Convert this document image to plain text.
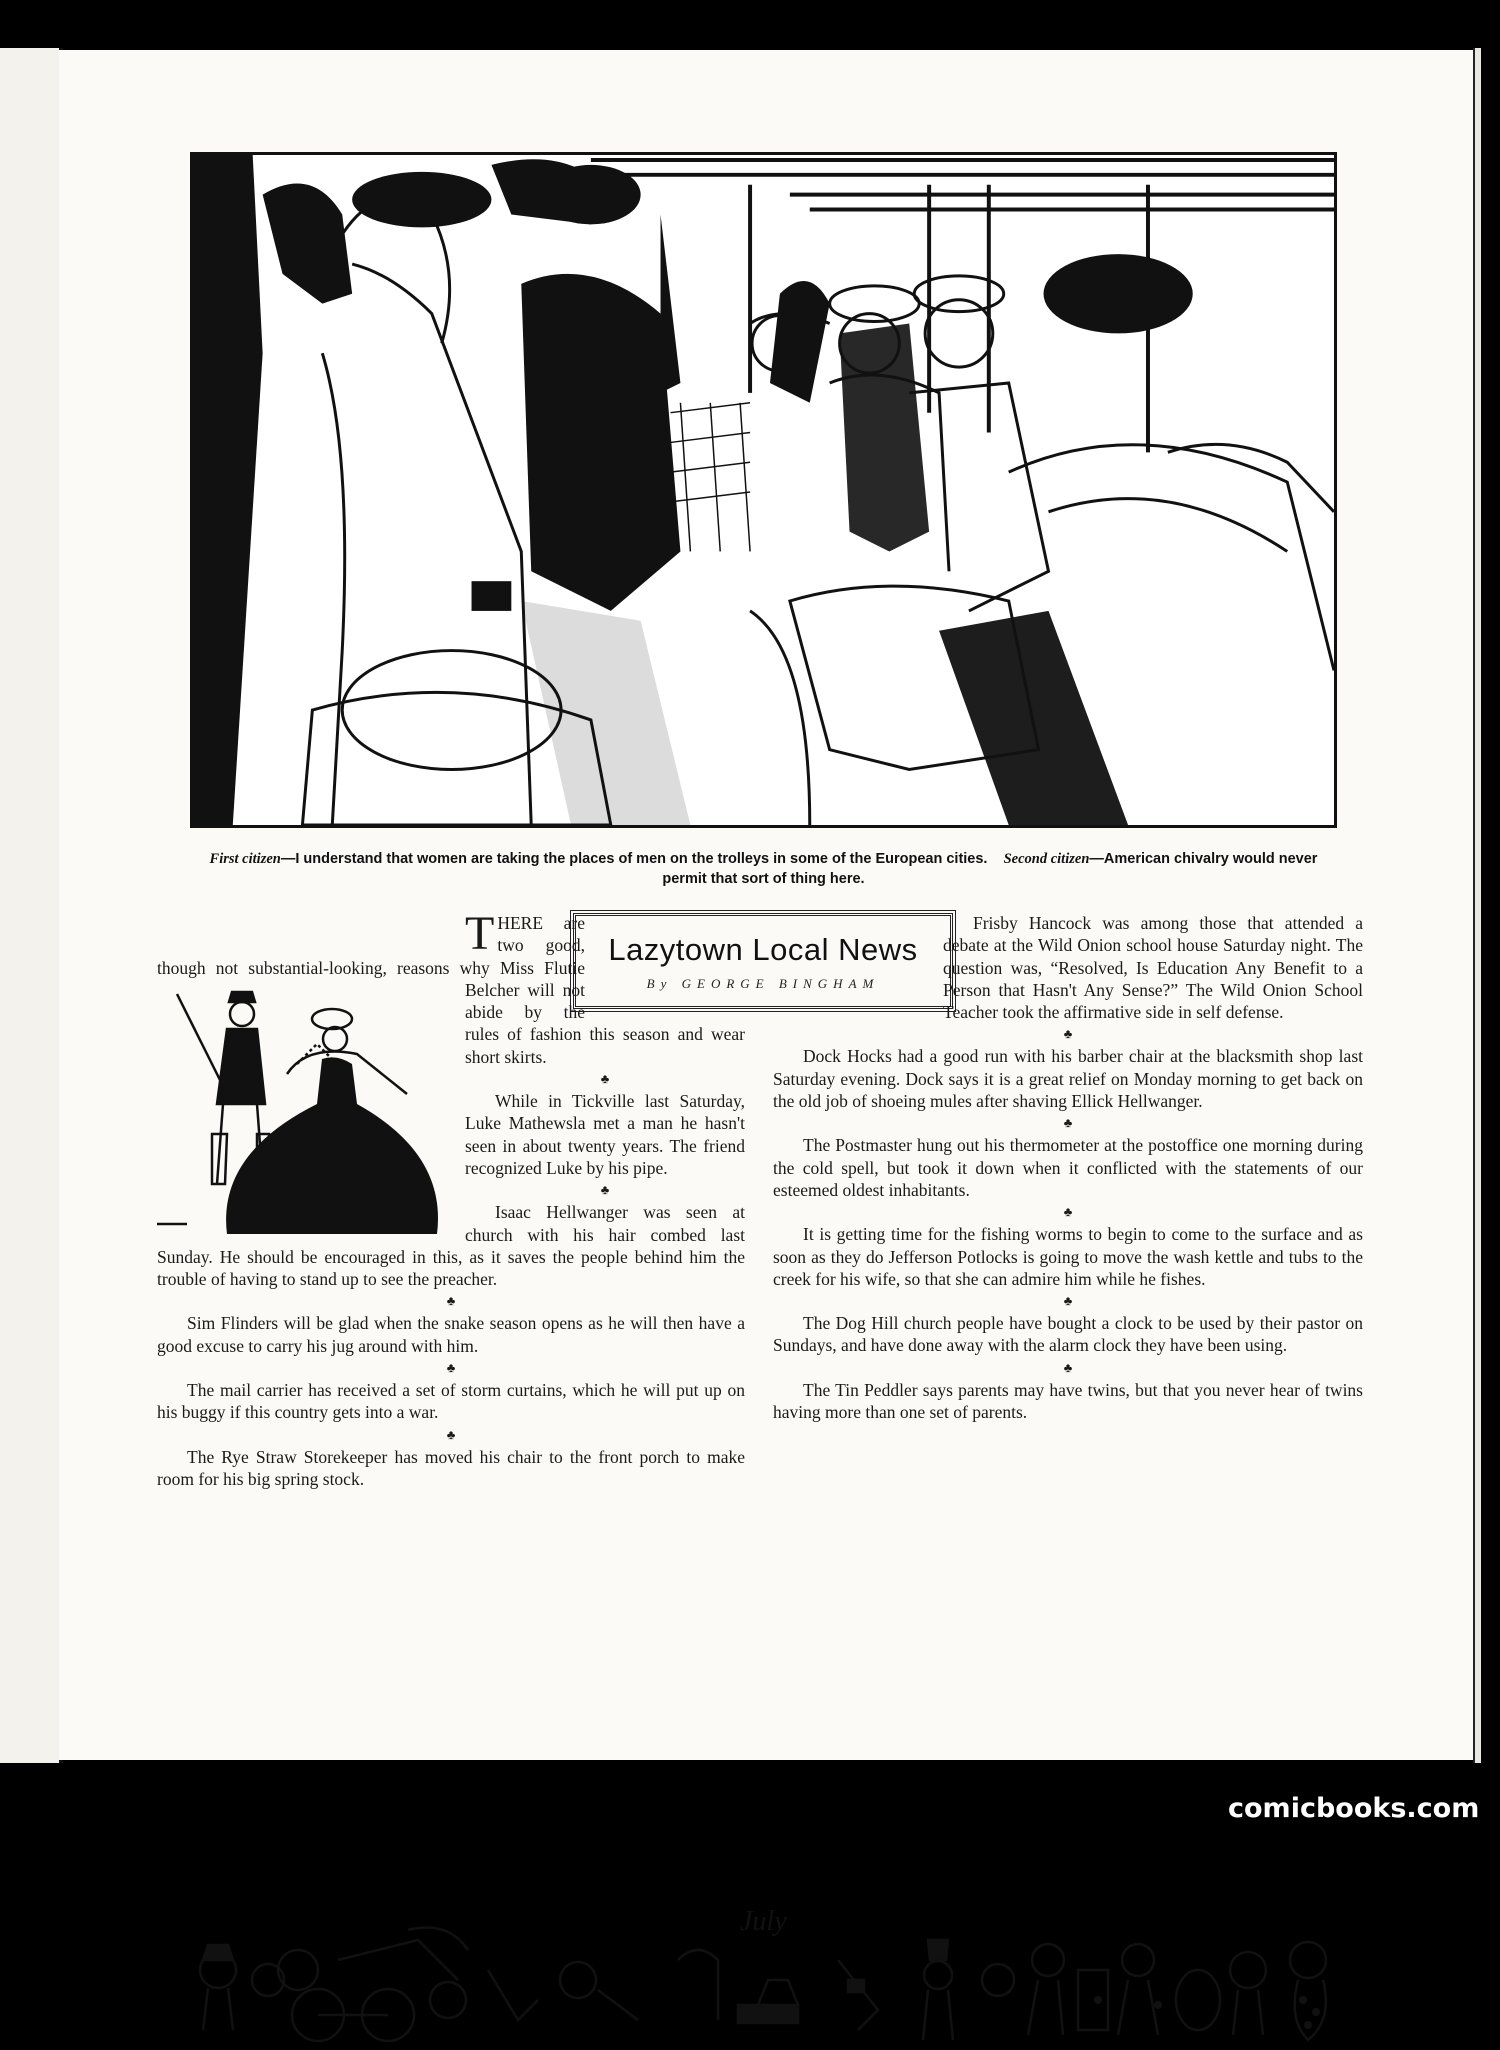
First citizen—I understand that women are taking the places of men on the trolleys in some of the European cities. Second citizen—American chivalry would never permit that sort of thing here.
Lazytown Local News
By GEORGE BINGHAM

THERE are two good, though not substantial-looking, reasons why Miss Flutie Belcher will not abide by the rules of fashion this season and wear short skirts.

♣

While in Tickville last Saturday, Luke Mathewsla met a man he hasn't seen in about twenty years. The friend recognized Luke by his pipe.

♣

Isaac Hellwanger was seen at church with his hair combed last Sunday. He should be encouraged in this, as it saves the people behind him the trouble of having to stand up to see the preacher.

♣

Sim Flinders will be glad when the snake season opens as he will then have a good excuse to carry his jug around with him.

♣

The mail carrier has received a set of storm curtains, which he will put up on his buggy if this country gets into a war.

♣

The Rye Straw Storekeeper has moved his chair to the front porch to make room for his big spring stock.

Frisby Hancock was among those that attended a debate at the Wild Onion school house Saturday night. The question was, “Resolved, Is Education Any Benefit to a Person that Hasn't Any Sense?” The Wild Onion School Teacher took the affirmative side in self defense.

♣

Dock Hocks had a good run with his barber chair at the blacksmith shop last Saturday evening. Dock says it is a great relief on Monday morning to get back on the old job of shoeing mules after shaving Ellick Hellwanger.

♣

The Postmaster hung out his thermometer at the postoffice one morning during the cold spell, but took it down when it conflicted with the statements of our esteemed oldest inhabitants.

♣

It is getting time for the fishing worms to begin to come to the surface and as soon as they do Jefferson Potlocks is going to move the wash kettle and tubs to the creek for his wife, so that she can admire him while he fishes.

♣

The Dog Hill church people have bought a clock to be used by their pastor on Sundays, and have done away with the alarm clock they have been using.

♣

The Tin Peddler says parents may have twins, but that you never hear of twins having more than one set of parents.

July
comicbooks.com
